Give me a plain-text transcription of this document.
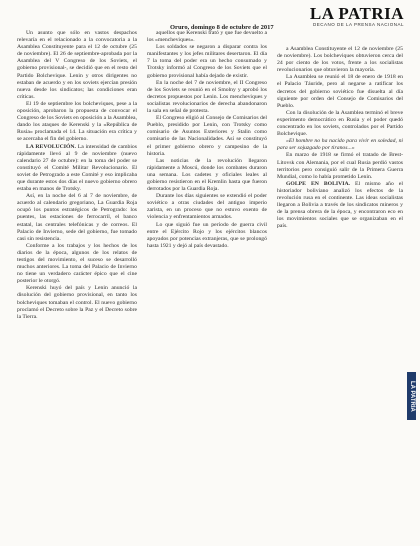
LA PATRIA
DECANO DE LA PRENSA NACIONAL
Oruro, domingo 8 de octubre de 2017

Un asunto que sólo en vastos despachos relevaría en el relacionado a la convocatoria a la Asamblea Constituyente para el 12 de octubre (25 de noviembre). El 26 de septiembre-aprobada por la Asamblea del V Congreso de los Soviets, el gobierno provisional-, se decidió que en el resto del Partido Bolchevique. Lenin y otros dirigentes no estaban de acuerdo y en los soviets ejercían presión nueva desde los sindicatos; las condiciones eran críticas.

El 19 de septiembre los bolcheviques, pese a la oposición, aprobaron la propuesta de convocar el Congreso de los Soviets en oposición a la Asamblea, dando los ataques de Kerenski y la «República de Rusia» proclamada el 14. La situación era crítica y se acercaba el fin del gobierno.

LA REVOLUCIÓN. La intensidad de cambios rápidamente llevó al 9 de noviembre (nuevo calendario 27 de octubre): en la toma del poder se constituyó el Comité Militar Revolucionario. El soviet de Petrogrado a este Comité y eso implicaba que durante estos dos días el nuevo gobierno obrero estaba en manos de Trotsky.

Así, en la noche del 6 al 7 de noviembre, de acuerdo al calendario gregoriano, La Guardia Roja ocupó los puntos estratégicos de Petrogrado: los puentes, las estaciones de ferrocarril, el banco estatal, las centrales telefónicas y de correos. El Palacio de Invierno, sede del gobierno, fue tomado casi sin resistencia.

Conforme a los trabajos y los hechos de los diarios de la época, algunos de los relatos de testigos del movimiento, el suceso se desarrolló muchos anteriores. La toma del Palacio de Invierno no tiene un verdadero carácter épico que el cine posterior le otorgó.

Kerenski huyó del país y Lenin anunció la disolución del gobierno provisional, en tanto los bolcheviques tomaban el control. El nuevo gobierno proclamó el Decreto sobre la Paz y el Decreto sobre la Tierra.

aquellos que Kerenski trató y que fue devuelto a los «mencheviques».

Los soldados se negaron a disparar contra los manifestantes y los jefes militares desertaron. El día 7 la toma del poder era un hecho consumado y Trotsky informó al Congreso de los Soviets que el gobierno provisional había dejado de existir.

En la noche del 7 de noviembre, el II Congreso de los Soviets se reunió en el Smolny y aprobó los decretos propuestos por Lenin. Los mencheviques y socialistas revolucionarios de derecha abandonaron la sala en señal de protesta.

El Congreso eligió al Consejo de Comisarios del Pueblo, presidido por Lenin, con Trotsky como comisario de Asuntos Exteriores y Stalin como comisario de las Nacionalidades. Así se constituyó el primer gobierno obrero y campesino de la historia.

Las noticias de la revolución llegaron rápidamente a Moscú, donde los combates duraron una semana. Los cadetes y oficiales leales al gobierno resistieron en el Kremlin hasta que fueron derrotados por la Guardia Roja.

Durante los días siguientes se extendió el poder soviético a otras ciudades del antiguo imperio zarista, en un proceso que no estuvo exento de violencia y enfrentamientos armados.

Lo que siguió fue un período de guerra civil entre el Ejército Rojo y los ejércitos blancos apoyados por potencias extranjeras, que se prolongó hasta 1921 y dejó al país devastado.

a Asamblea Constituyente el 12 de noviembre (25 de noviembre). Los bolcheviques obtuvieron cerca del 24 por ciento de los votos, frente a los socialistas revolucionarios que obtuvieron la mayoría.

La Asamblea se reunió el 18 de enero de 1918 en el Palacio Táuride, pero al negarse a ratificar los decretos del gobierno soviético fue disuelta al día siguiente por orden del Consejo de Comisarios del Pueblo.

Con la disolución de la Asamblea terminó el breve experimento democrático en Rusia y el poder quedó concentrado en los soviets, controlados por el Partido Bolchevique.

«El hombre no ha nacido para vivir en soledad, ni para ser sojuzgado por tiranos...»

En marzo de 1918 se firmó el tratado de Brest-Litovsk con Alemania, por el cual Rusia perdió vastos territorios pero consiguió salir de la Primera Guerra Mundial, como lo había prometido Lenin.

GOLPE EN BOLIVIA. El mismo año el historiador boliviano analizó los efectos de la revolución rusa en el continente. Las ideas socialistas llegaron a Bolivia a través de los sindicatos mineros y de la prensa obrera de la época, y encontraron eco en los movimientos sociales que se organizaban en el país.

LA PATRIA
